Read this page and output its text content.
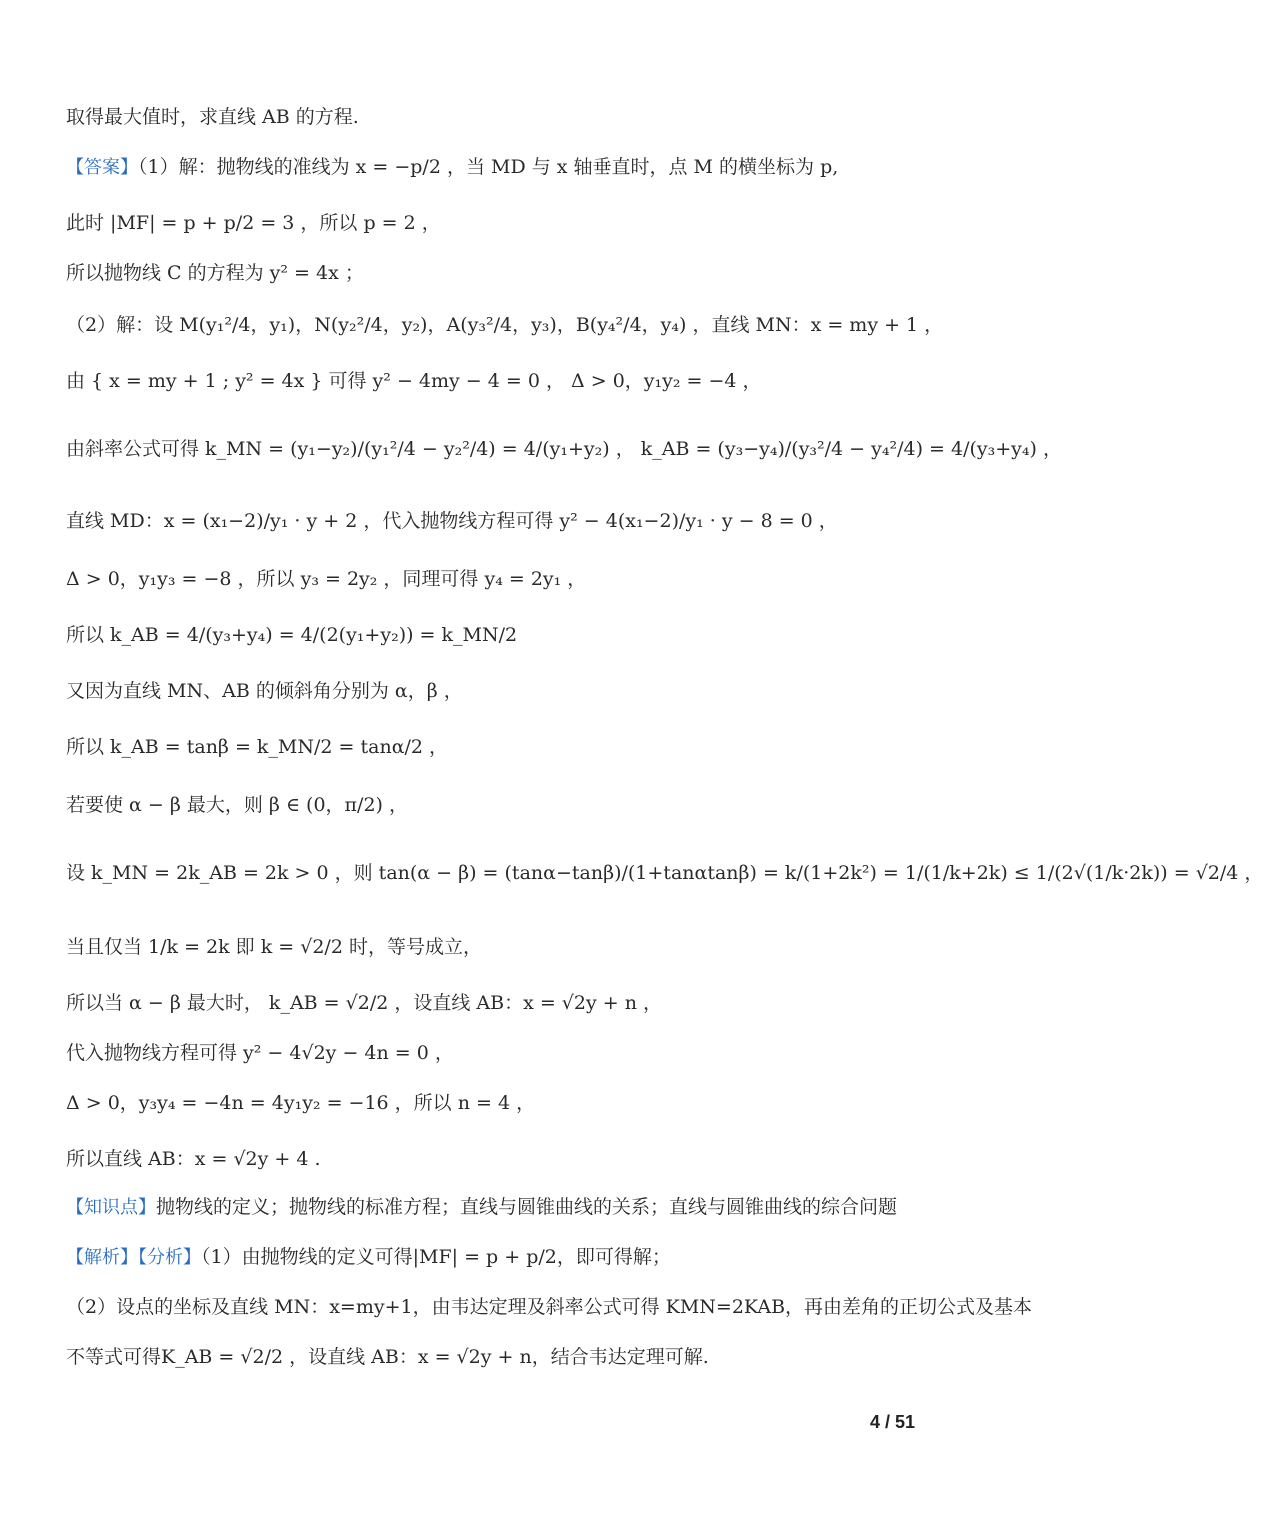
取得最大值时，求直线 AB 的方程.
【答案】（1）解：抛物线的准线为 x = −p/2 ，当 MD 与 x 轴垂直时，点 M 的横坐标为 p,
此时 |MF| = p + p/2 = 3 ，所以 p = 2 ，
所以抛物线 C 的方程为 y² = 4x ；
（2）解：设 M(y₁²/4，y₁)，N(y₂²/4，y₂)，A(y₃²/4，y₃)，B(y₄²/4，y₄) ，直线 MN：x = my + 1 ，
由 { x = my + 1 ; y² = 4x } 可得 y² − 4my − 4 = 0 ， Δ > 0，y₁y₂ = −4 ，
由斜率公式可得 k_MN = (y₁−y₂)/(y₁²/4 − y₂²/4) = 4/(y₁+y₂) ， k_AB = (y₃−y₄)/(y₃²/4 − y₄²/4) = 4/(y₃+y₄) ，
直线 MD：x = (x₁−2)/y₁ · y + 2 ，代入抛物线方程可得 y² − 4(x₁−2)/y₁ · y − 8 = 0 ，
Δ > 0，y₁y₃ = −8 ，所以 y₃ = 2y₂ ，同理可得 y₄ = 2y₁ ，
所以 k_AB = 4/(y₃+y₄) = 4/(2(y₁+y₂)) = k_MN/2
又因为直线 MN、AB 的倾斜角分别为 α，β ，
所以 k_AB = tanβ = k_MN/2 = tanα/2 ，
若要使 α − β 最大，则 β ∈ (0，π/2) ，
设 k_MN = 2k_AB = 2k > 0 ，则 tan(α − β) = (tanα−tanβ)/(1+tanαtanβ) = k/(1+2k²) = 1/(1/k+2k) ≤ 1/(2√(1/k·2k)) = √2/4 ，
当且仅当 1/k = 2k 即 k = √2/2 时，等号成立，
所以当 α − β 最大时， k_AB = √2/2 ，设直线 AB：x = √2y + n ，
代入抛物线方程可得 y² − 4√2y − 4n = 0 ，
Δ > 0，y₃y₄ = −4n = 4y₁y₂ = −16 ，所以 n = 4 ，
所以直线 AB：x = √2y + 4 .
【知识点】抛物线的定义；抛物线的标准方程；直线与圆锥曲线的关系；直线与圆锥曲线的综合问题
【解析】【分析】（1）由抛物线的定义可得|MF| = p + p/2，即可得解；
（2）设点的坐标及直线 MN：x=my+1，由韦达定理及斜率公式可得 KMN=2KAB，再由差角的正切公式及基本
不等式可得K_AB = √2/2 ，设直线 AB：x = √2y + n，结合韦达定理可解.
4 / 51
